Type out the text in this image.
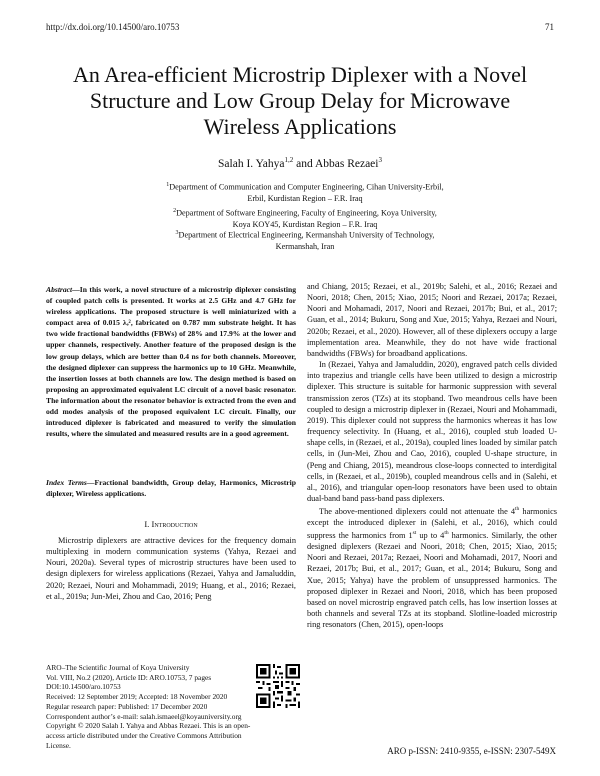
http://dx.doi.org/10.14500/aro.10753	71
An Area-efficient Microstrip Diplexer with a Novel
Structure and Low Group Delay for Microwave
Wireless Applications
Salah I. Yahya$^{1,2}$ and Abbas Rezaei$^3$
$^1$Department of Communication and Computer Engineering, Cihan University-Erbil,
Erbil, Kurdistan Region – F.R. Iraq
$^2$Department of Software Engineering, Faculty of Engineering, Koya University,
Koya KOY45, Kurdistan Region – F.R. Iraq
$^3$Department of Electrical Engineering, Kermanshah University of Technology,
Kermanshah, Iran
Abstract—In this work, a novel structure of a microstrip diplexer consisting of coupled patch cells is presented. It works at 2.5 GHz and 4.7 GHz for wireless applications. The proposed structure is well miniaturized with a compact area of 0.015 λₔ², fabricated on 0.787 mm substrate height. It has two wide fractional bandwidths (FBWs) of 28% and 17.9% at the lower and upper channels, respectively. Another feature of the proposed design is the low group delays, which are better than 0.4 ns for both channels. Moreover, the designed diplexer can suppress the harmonics up to 10 GHz. Meanwhile, the insertion losses at both channels are low. The design method is based on proposing an approximated equivalent LC circuit of a novel basic resonator. The information about the resonator behavior is extracted from the even and odd modes analysis of the proposed equivalent LC circuit. Finally, our introduced diplexer is fabricated and measured to verify the simulation results, where the simulated and measured results are in a good agreement.
Index Terms—Fractional bandwidth, Group delay, Harmonics, Microstrip diplexer, Wireless applications.
I. Introduction

Microstrip diplexers are attractive devices for the frequency domain multiplexing in modern communication systems (Yahya, Rezaei and Nouri, 2020a). Several types of microstrip structures have been used to design diplexers for wireless applications (Rezaei, Yahya and Jamaluddin, 2020; Rezaei, Nouri and Mohammadi, 2019; Huang, et al., 2016; Rezaei, et al., 2019a; Jun-Mei, Zhou and Cao, 2016; Peng

and Chiang, 2015; Rezaei, et al., 2019b; Salehi, et al., 2016; Rezaei and Noori, 2018; Chen, 2015; Xiao, 2015; Noori and Rezaei, 2017a; Rezaei, Noori and Mohamadi, 2017, Noori and Rezaei, 2017b; Bui, et al., 2017; Guan, et al., 2014; Bukuru, Song and Xue, 2015; Yahya, Rezaei and Nouri, 2020b; Rezaei, et al., 2020). However, all of these diplexers occupy a large implementation area. Meanwhile, they do not have wide fractional bandwidths (FBWs) for broadband applications.

In (Rezaei, Yahya and Jamaluddin, 2020), engraved patch cells divided into trapezius and triangle cells have been utilized to design a microstrip diplexer. This structure is suitable for harmonic suppression with several transmission zeros (TZs) at its stopband. Two meandrous cells have been coupled to design a microstrip diplexer in (Rezaei, Nouri and Mohammadi, 2019). This diplexer could not suppress the harmonics whereas it has low frequency selectivity. In (Huang, et al., 2016), coupled stub loaded U-shape cells, in (Rezaei, et al., 2019a), coupled lines loaded by similar patch cells, in (Jun-Mei, Zhou and Cao, 2016), coupled U-shape structure, in (Peng and Chiang, 2015), meandrous close-loops connected to interdigital cells, in (Rezaei, et al., 2019b), coupled meandrous cells and in (Salehi, et al., 2016), and triangular open-loop resonators have been used to obtain dual-band band pass-band pass diplexers.

The above-mentioned diplexers could not attenuate the 4th harmonics except the introduced diplexer in (Salehi, et al., 2016), which could suppress the harmonics from 1st up to 4th harmonics. Similarly, the other designed diplexers (Rezaei and Noori, 2018; Chen, 2015; Xiao, 2015; Noori and Rezaei, 2017a; Rezaei, Noori and Mohamadi, 2017, Noori and Rezaei, 2017b; Bui, et al., 2017; Guan, et al., 2014; Bukuru, Song and Xue, 2015; Yahya) have the problem of unsuppressed harmonics. The proposed diplexer in Rezaei and Noori, 2018, which has been proposed based on novel microstrip engraved patch cells, has low insertion losses at both channels and several TZs at its stopband. Slotline-loaded microstrip ring resonators (Chen, 2015), open-loops

ARO–The Scientific Journal of Koya University
Vol. VIII, No.2 (2020), Article ID: ARO.10753, 7 pages
DOI:10.14500/aro.10753
Received: 12 September 2019; Accepted: 18 November 2020
Regular research paper: Published: 17 December 2020
Correspondent author’s e-mail: salah.ismaeel@koyauniversity.org
Copyright © 2020 Salah I. Yahya and Abbas Rezaei. This is an open-access article distributed under the Creative Commons Attribution License.
ARO p-ISSN: 2410-9355, e-ISSN: 2307-549X
